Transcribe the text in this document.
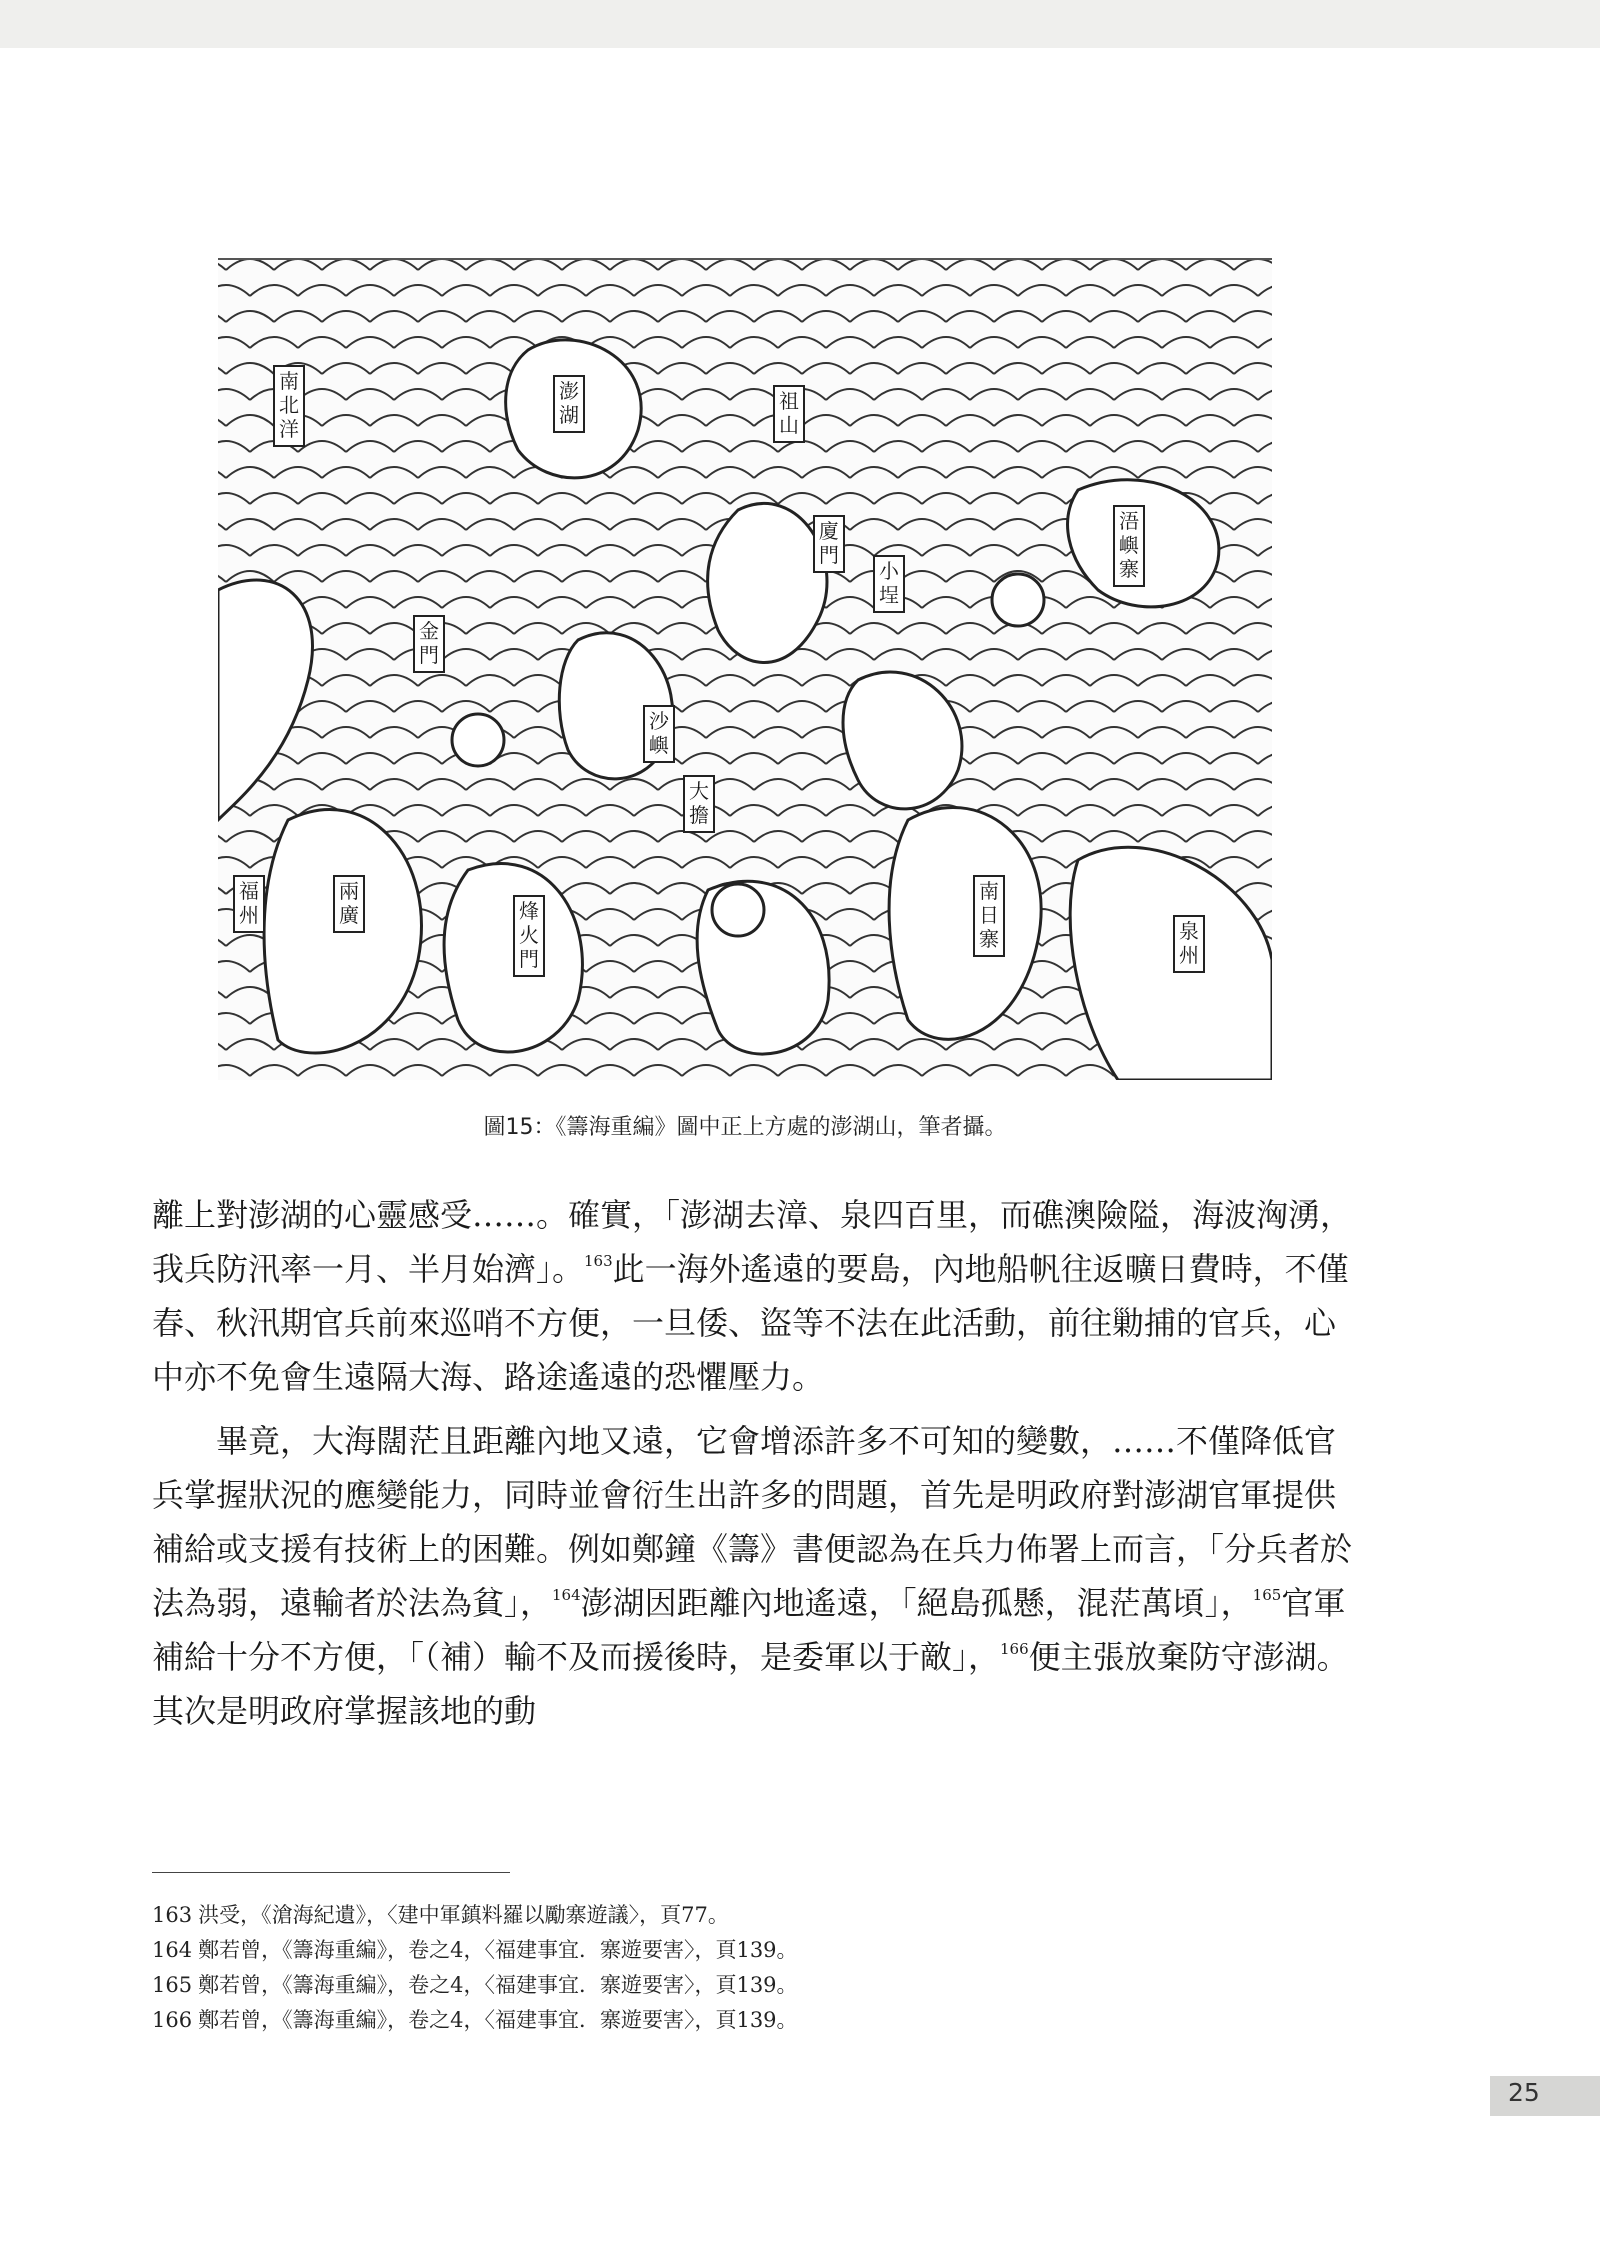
祖
山
沙
嶼
澎
湖
南
北
洋
廈
門
浯
嶼
寨
兩
廣
金
門
大
擔
南
日
寨
烽
火
門
小
埕
泉
州
福
州
圖15：《籌海重編》圖中正上方處的澎湖山，筆者攝。

離上對澎湖的心靈感受……。確實，「澎湖去漳、泉四百里，而礁澳險隘，海波洶湧，我兵防汛率一月、半月始濟」。$^{163}$此一海外遙遠的要島，內地船帆往返曠日費時，不僅春、秋汛期官兵前來巡哨不方便，一旦倭、盜等不法在此活動，前往勦捕的官兵，心中亦不免會生遠隔大海、路途遙遠的恐懼壓力。

畢竟，大海闊茫且距離內地又遠，它會增添許多不可知的變數，……不僅降低官兵掌握狀況的應變能力，同時並會衍生出許多的問題，首先是明政府對澎湖官軍提供補給或支援有技術上的困難。例如鄭鐘《籌》書便認為在兵力佈署上而言，「分兵者於法為弱，遠輸者於法為貧」，$^{164}$澎湖因距離內地遙遠，「絕島孤懸，混茫萬頃」，$^{165}$官軍補給十分不方便，「（補）輸不及而援後時，是委軍以于敵」，$^{166}$便主張放棄防守澎湖。其次是明政府掌握該地的動

163 洪受，《滄海紀遺》，〈建中軍鎮料羅以勵寨遊議〉，頁77。
164 鄭若曾，《籌海重編》，卷之4，〈福建事宜．寨遊要害〉，頁139。
165 鄭若曾，《籌海重編》，卷之4，〈福建事宜．寨遊要害〉，頁139。
166 鄭若曾，《籌海重編》，卷之4，〈福建事宜．寨遊要害〉，頁139。
25
